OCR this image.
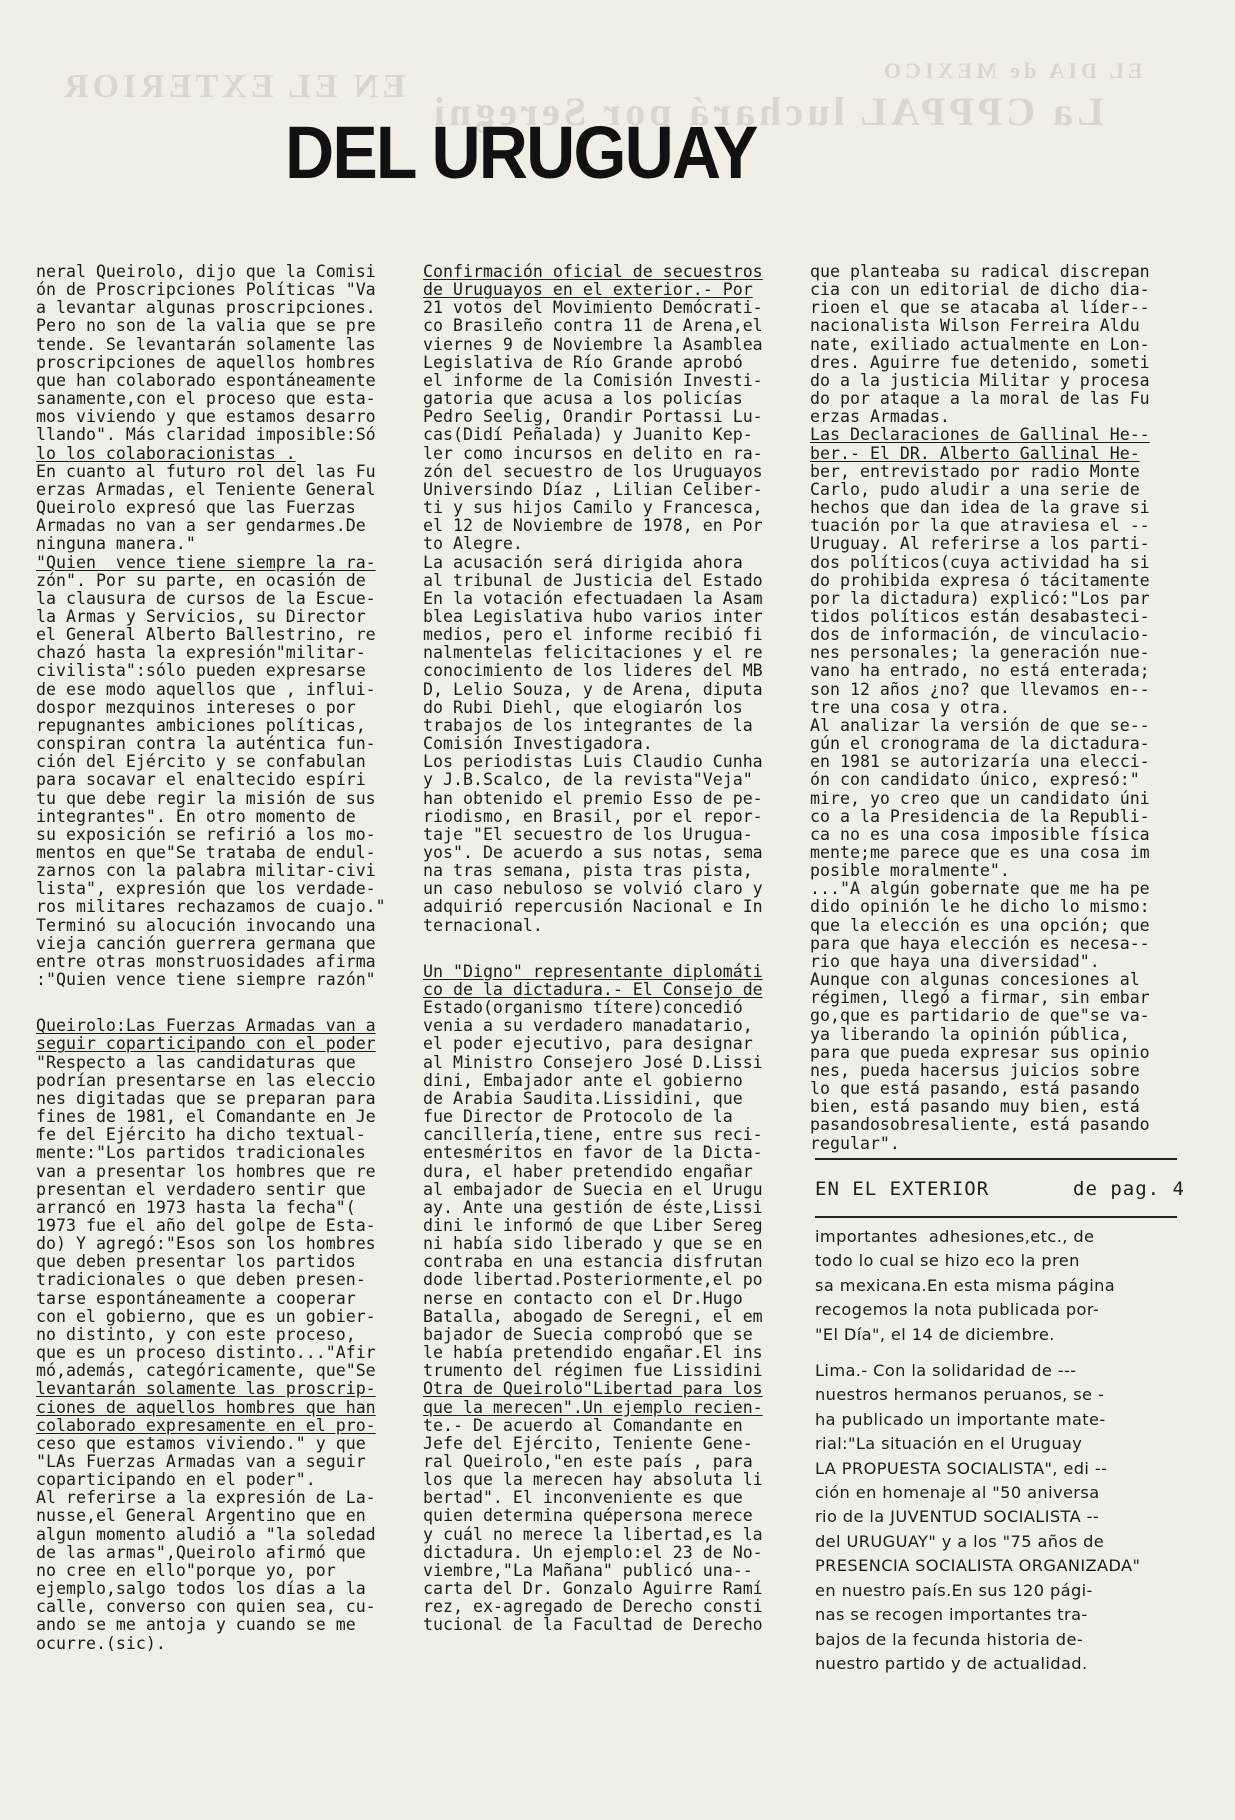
EN EL EXTERIOR	EL DIA de MEXICO
La CPPPAL luchará por Seregni
DEL URUGUAY

neral Queirolo, dijo que la Comisi

ón de Proscripciones Políticas "Va

a levantar algunas proscripciones.

Pero no son de la valia que se pre

tende. Se levantarán solamente las

proscripciones de aquellos hombres

que han colaborado espontáneamente

sanamente,con el proceso que esta-

mos viviendo y que estamos desarro

llando". Más claridad imposible:Só

lo los colaboracionistas .

En cuanto al futuro rol del las Fu

erzas Armadas, el Teniente General

Queirolo expresó que las Fuerzas

Armadas no van a ser gendarmes.De

ninguna manera."

"Quien  vence tiene siempre la ra-

zón". Por su parte, en ocasión de

la clausura de cursos de la Escue-

la Armas y Servicios, su Director

el General Alberto Ballestrino, re

chazó hasta la expresión"militar-

civilista":sólo pueden expresarse

de ese modo aquellos que , influi-

dospor mezquinos intereses o por

repugnantes ambiciones políticas,

conspiran contra la auténtica fun-

ción del Ejército y se confabulan

para socavar el enaltecido espíri

tu que debe regir la misión de sus

integrantes". En otro momento de

su exposición se refirió a los mo-

mentos en que"Se trataba de endul-

zarnos con la palabra militar-civi

lista", expresión que los verdade-

ros militares rechazamos de cuajo."

Terminó su alocución invocando una

vieja canción guerrera germana que

entre otras monstruosidades afirma

:"Quien vence tiene siempre razón"

Queirolo:Las Fuerzas Armadas van a

seguir coparticipando con el poder

"Respecto a las candidaturas que

podrían presentarse en las eleccio

nes digitadas que se preparan para

fines de 1981, el Comandante en Je

fe del Ejército ha dicho textual-

mente:"Los partidos tradicionales

van a presentar los hombres que re

presentan el verdadero sentir que

arrancó en 1973 hasta la fecha"(

1973 fue el año del golpe de Esta-

do) Y agregó:"Esos son los hombres

que deben presentar los partidos

tradicionales o que deben presen-

tarse espontáneamente a cooperar

con el gobierno, que es un gobier-

no distinto, y con este proceso,

que es un proceso distinto..."Afir

mó,además, categóricamente, que"Se

levantarán solamente las proscrip-

ciones de aquellos hombres que han

colaborado expresamente en el pro-

ceso que estamos viviendo." y que

"LAs Fuerzas Armadas van a seguir

coparticipando en el poder".

Al referirse a la expresión de La-

nusse,el General Argentino que en

algun momento aludió a "la soledad

de las armas",Queirolo afirmó que

no cree en ello"porque yo, por

ejemplo,salgo todos los días a la

calle, converso con quien sea, cu-

ando se me antoja y cuando se me

ocurre.(sic).

Confirmación oficial de secuestros

de Uruguayos en el exterior.- Por

21 votos del Movimiento Demócrati-

co Brasileño contra 11 de Arena,el

viernes 9 de Noviembre la Asamblea

Legislativa de Río Grande aprobó

el informe de la Comisión Investi-

gatoria que acusa a los policías

Pedro Seelig, Orandir Portassi Lu-

cas(Didí Peñalada) y Juanito Kep-

ler como incursos en delito en ra-

zón del secuestro de los Uruguayos

Universindo Díaz , Lilian Celiber-

ti y sus hijos Camilo y Francesca,

el 12 de Noviembre de 1978, en Por

to Alegre.

La acusación será dirigida ahora

al tribunal de Justicia del Estado

En la votación efectuadaen la Asam

blea Legislativa hubo varios inter

medios, pero el informe recibió fi

nalmentelas felicitaciones y el re

conocimiento de los lideres del MB

D, Lelio Souza, y de Arena, diputa

do Rubi Diehl, que elogiarón los

trabajos de los integrantes de la

Comisión Investigadora.

Los periodistas Luis Claudio Cunha

y J.B.Scalco, de la revista"Veja"

han obtenido el premio Esso de pe-

riodismo, en Brasil, por el repor-

taje "El secuestro de los Urugua-

yos". De acuerdo a sus notas, sema

na tras semana, pista tras pista,

un caso nebuloso se volvió claro y

adquirió repercusión Nacional e In

ternacional.

Un "Digno" representante diplomáti

co de la dictadura.- El Consejo de

Estado(organismo títere)concedió

venia a su verdadero manadatario,

el poder ejecutivo, para designar

al Ministro Consejero José D.Lissi

dini, Embajador ante el gobierno

de Arabia Saudita.Lissidini, que

fue Director de Protocolo de la

cancillería,tiene, entre sus reci-

entesméritos en favor de la Dicta-

dura, el haber pretendido engañar

al embajador de Suecia en el Urugu

ay. Ante una gestión de éste,Lissi

dini le informó de que Liber Sereg

ni había sido liberado y que se en

contraba en una estancia disfrutan

dode libertad.Posteriormente,el po

nerse en contacto con el Dr.Hugo

Batalla, abogado de Seregni, el em

bajador de Suecia comprobó que se

le había pretendido engañar.El ins

trumento del régimen fue Lissidini

Otra de Queirolo"Libertad para los

que la merecen".Un ejemplo recien-

te.- De acuerdo al Comandante en

Jefe del Ejército, Teniente Gene-

ral Queirolo,"en este país , para

los que la merecen hay absoluta li

bertad". El inconveniente es que

quien determina quépersona merece

y cuál no merece la libertad,es la

dictadura. Un ejemplo:el 23 de No-

viembre,"La Mañana" publicó una--

carta del Dr. Gonzalo Aguirre Ramí

rez, ex-agregado de Derecho consti

tucional de la Facultad de Derecho

que planteaba su radical discrepan

cia con un editorial de dicho dia-

rioen el que se atacaba al líder--

nacionalista Wilson Ferreira Aldu

nate, exiliado actualmente en Lon-

dres. Aguirre fue detenido, someti

do a la justicia Militar y procesa

do por ataque a la moral de las Fu

erzas Armadas.

Las Declaraciones de Gallinal He--

ber.- El DR. Alberto Gallinal He-

ber, entrevistado por radio Monte

Carlo, pudo aludir a una serie de

hechos que dan idea de la grave si

tuación por la que atraviesa el --

Uruguay. Al referirse a los parti-

dos políticos(cuya actividad ha si

do prohibida expresa ó tácitamente

por la dictadura) explicó:"Los par

tidos políticos están desabasteci-

dos de información, de vinculacio-

nes personales; la generación nue-

vano ha entrado, no está enterada;

son 12 años ¿no? que llevamos en--

tre una cosa y otra.

Al analizar la versión de que se--

gún el cronograma de la dictadura-

en 1981 se autorizaría una elecci-

ón con candidato único, expresó:"

mire, yo creo que un candidato úni

co a la Presidencia de la Republi-

ca no es una cosa imposible física

mente;me parece que es una cosa im

posible moralmente".

..."A algún gobernate que me ha pe

dido opinión le he dicho lo mismo:

que la elección es una opción; que

para que haya elección es necesa--

rio que haya una diversidad".

Aunque con algunas concesiones al

régimen, llegó a firmar, sin embar

go,que es partidario de que"se va-

ya liberando la opinión pública,

para que pueda expresar sus opinio

nes, pueda hacersus juicios sobre

lo que está pasando, está pasando

bien, está pasando muy bien, está

pasandosobresaliente, está pasando

regular".

EN EL EXTERIOR	de pag. 4

importantes  adhesiones,etc., de

todo lo cual se hizo eco la pren

sa mexicana.En esta misma página

recogemos la nota publicada por-

"El Día", el 14 de diciembre.

Lima.- Con la solidaridad de ---

nuestros hermanos peruanos, se -

ha publicado un importante mate-

rial:"La situación en el Uruguay

LA PROPUESTA SOCIALISTA", edi --

ción en homenaje al "50 aniversa

rio de la JUVENTUD SOCIALISTA --

del URUGUAY" y a los "75 años de

PRESENCIA SOCIALISTA ORGANIZADA"

en nuestro país.En sus 120 pági-

nas se recogen importantes tra-

bajos de la fecunda historia de-

nuestro partido y de actualidad.
